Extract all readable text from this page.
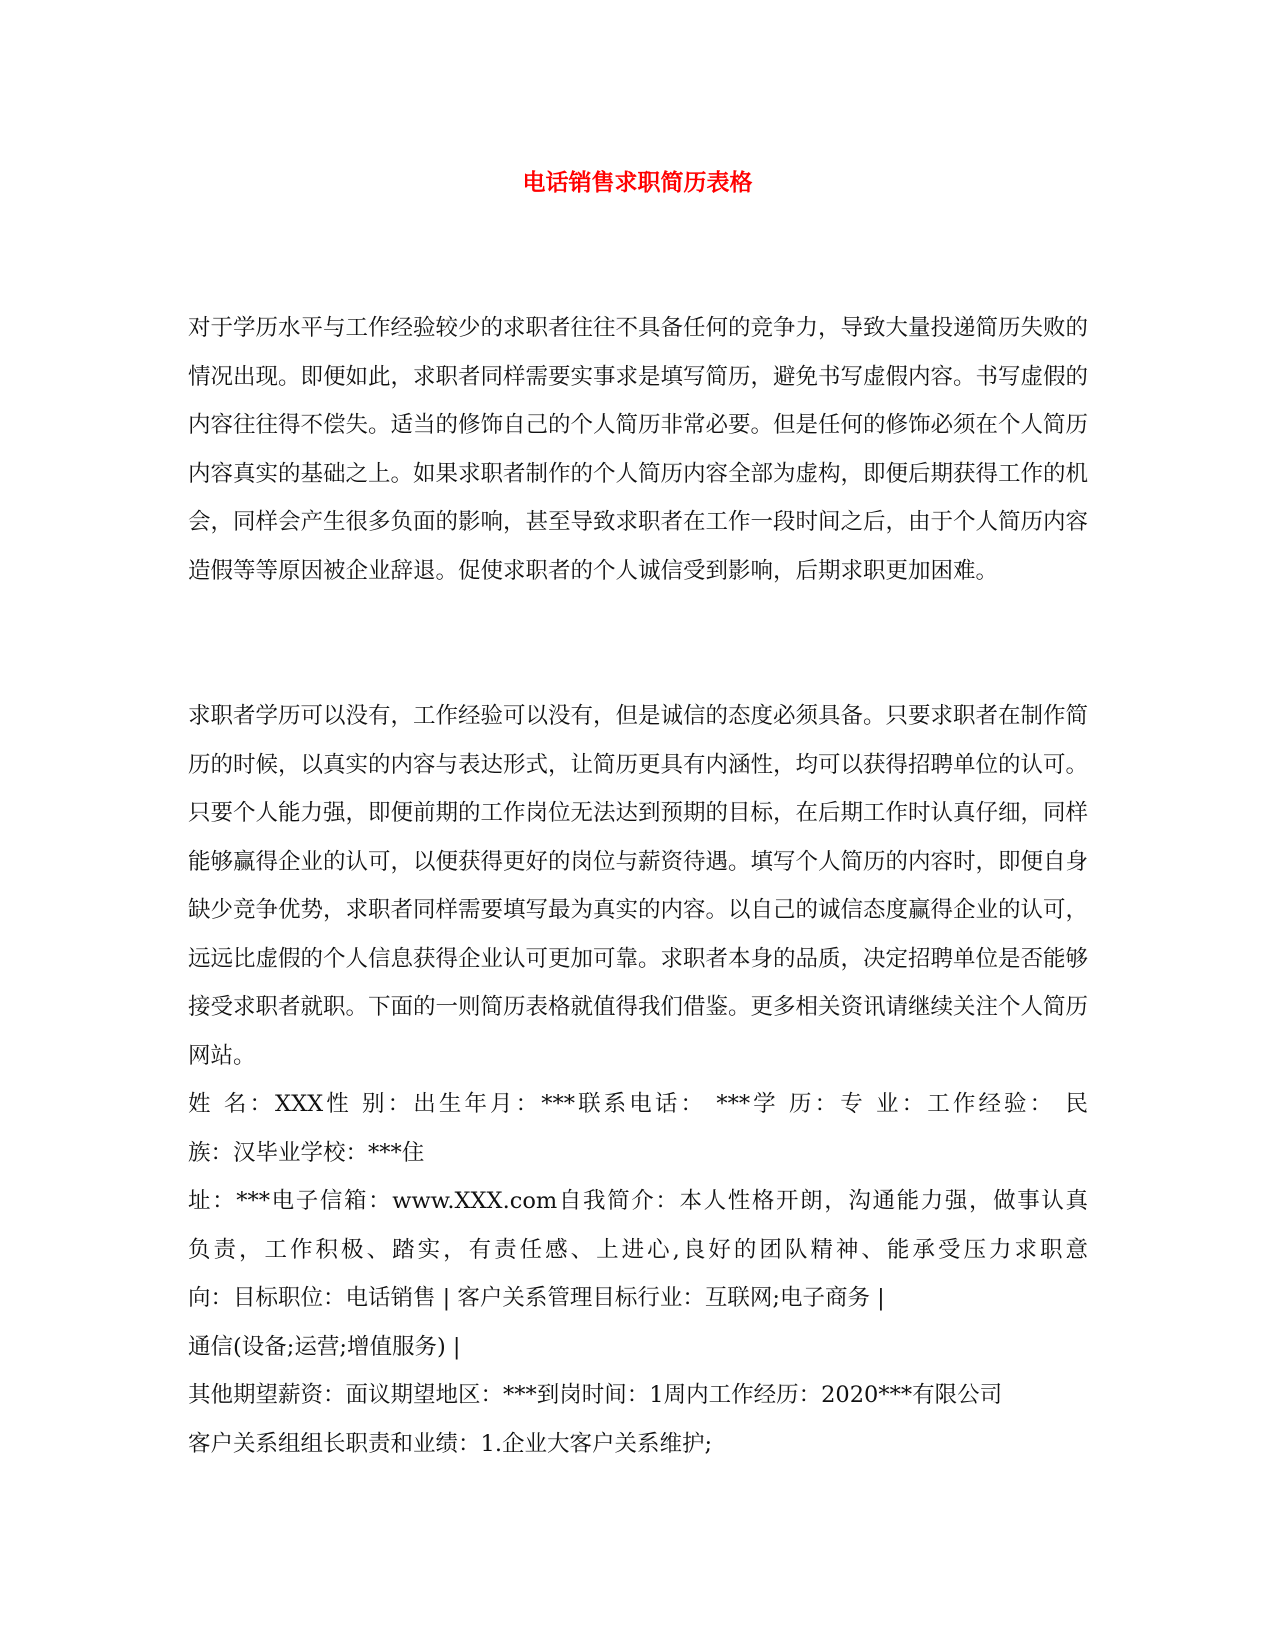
电话销售求职简历表格

对于学历水平与工作经验较少的求职者往往不具备任何的竞争力，导致大量投递简历失败的情况出现。即便如此，求职者同样需要实事求是填写简历，避免书写虚假内容。书写虚假的内容往往得不偿失。适当的修饰自己的个人简历非常必要。但是任何的修饰必须在个人简历内容真实的基础之上。如果求职者制作的个人简历内容全部为虚构，即便后期获得工作的机会，同样会产生很多负面的影响，甚至导致求职者在工作一段时间之后，由于个人简历内容造假等等原因被企业辞退。促使求职者的个人诚信受到影响，后期求职更加困难。

求职者学历可以没有，工作经验可以没有，但是诚信的态度必须具备。只要求职者在制作简历的时候，以真实的内容与表达形式，让简历更具有内涵性，均可以获得招聘单位的认可。只要个人能力强，即便前期的工作岗位无法达到预期的目标，在后期工作时认真仔细，同样能够赢得企业的认可，以便获得更好的岗位与薪资待遇。填写个人简历的内容时，即便自身缺少竞争优势，求职者同样需要填写最为真实的内容。以自己的诚信态度赢得企业的认可，远远比虚假的个人信息获得企业认可更加可靠。求职者本身的品质，决定招聘单位是否能够接受求职者就职。下面的一则简历表格就值得我们借鉴。更多相关资讯请继续关注个人简历网站。

姓 名：XXX性 别：出生年月：***联系电话： ***学 历：专 业：工作经验： 民
族：汉毕业学校：***住
址：***电子信箱：www.XXX.com自我简介：本人性格开朗，沟通能力强，做事认真
负责，工作积极、踏实，有责任感、上进心,良好的团队精神、能承受压力求职意
向：目标职位：电话销售 | 客户关系管理目标行业：互联网;电子商务 |
通信(设备;运营;增值服务) |
其他期望薪资：面议期望地区：***到岗时间：1周内工作经历：2020***有限公司
客户关系组组长职责和业绩：1.企业大客户关系维护;
